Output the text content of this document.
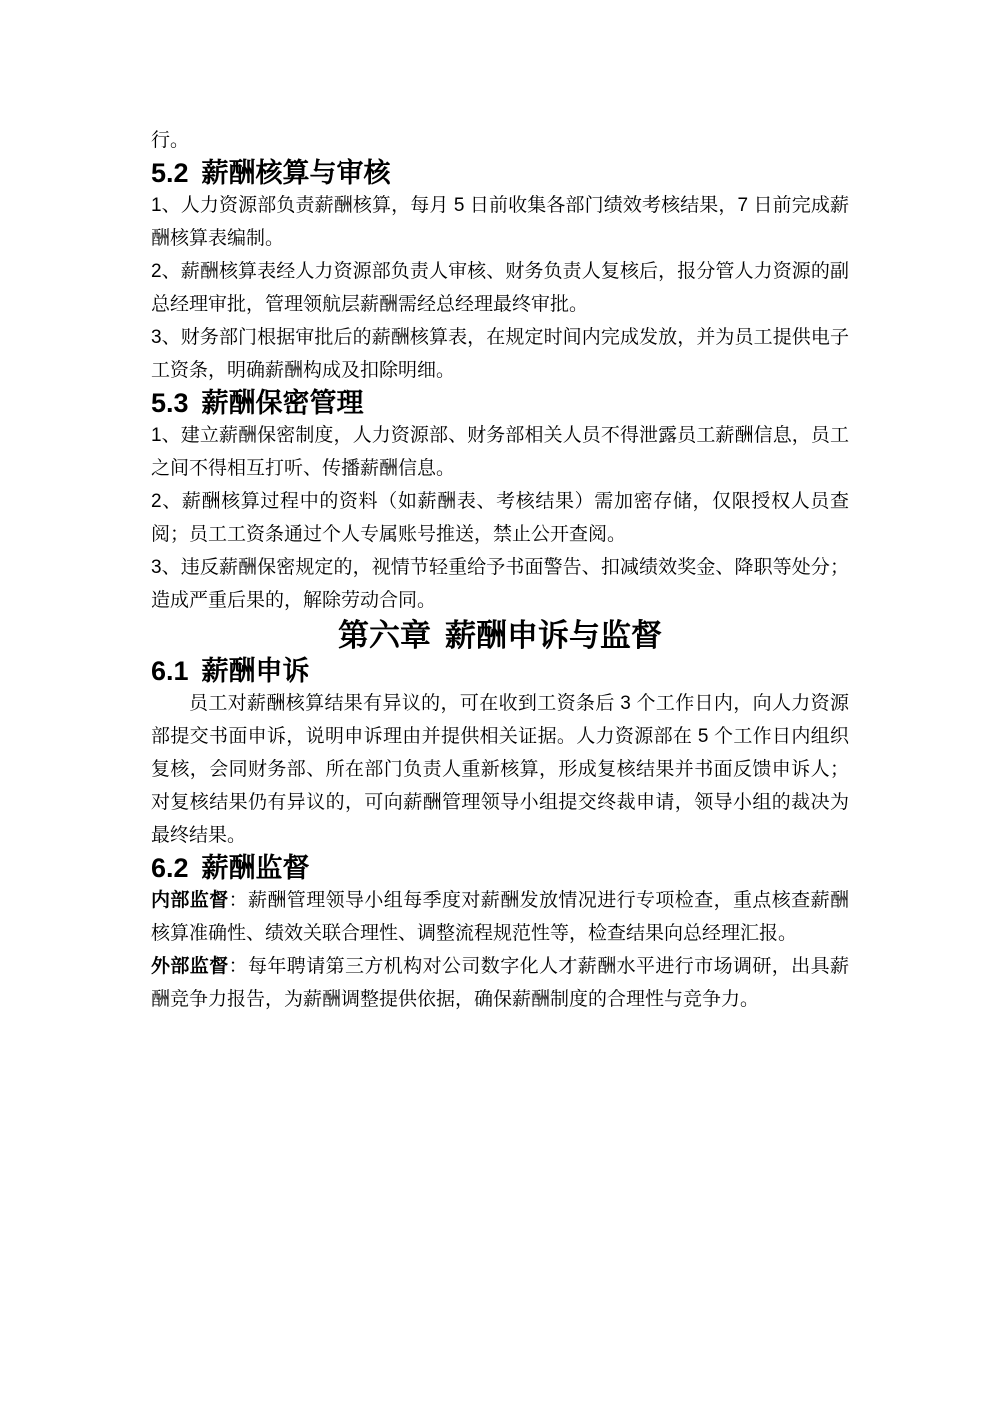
行。

5.2 薪酬核算与审核

1、人力资源部负责薪酬核算，每月 5 日前收集各部门绩效考核结果，7 日前完成薪酬核算表编制。

2、薪酬核算表经人力资源部负责人审核、财务负责人复核后，报分管人力资源的副总经理审批，管理领航层薪酬需经总经理最终审批。

3、财务部门根据审批后的薪酬核算表，在规定时间内完成发放，并为员工提供电子工资条，明确薪酬构成及扣除明细。

5.3 薪酬保密管理

1、建立薪酬保密制度，人力资源部、财务部相关人员不得泄露员工薪酬信息，员工之间不得相互打听、传播薪酬信息。

2、薪酬核算过程中的资料（如薪酬表、考核结果）需加密存储，仅限授权人员查阅；员工工资条通过个人专属账号推送，禁止公开查阅。

3、违反薪酬保密规定的，视情节轻重给予书面警告、扣减绩效奖金、降职等处分；造成严重后果的，解除劳动合同。

第六章 薪酬申诉与监督
6.1 薪酬申诉

员工对薪酬核算结果有异议的，可在收到工资条后 3 个工作日内，向人力资源部提交书面申诉，说明申诉理由并提供相关证据。人力资源部在 5 个工作日内组织复核，会同财务部、所在部门负责人重新核算，形成复核结果并书面反馈申诉人；对复核结果仍有异议的，可向薪酬管理领导小组提交终裁申请，领导小组的裁决为最终结果。

6.2 薪酬监督

内部监督：薪酬管理领导小组每季度对薪酬发放情况进行专项检查，重点核查薪酬核算准确性、绩效关联合理性、调整流程规范性等，检查结果向总经理汇报。

外部监督：每年聘请第三方机构对公司数字化人才薪酬水平进行市场调研，出具薪酬竞争力报告，为薪酬调整提供依据，确保薪酬制度的合理性与竞争力。
